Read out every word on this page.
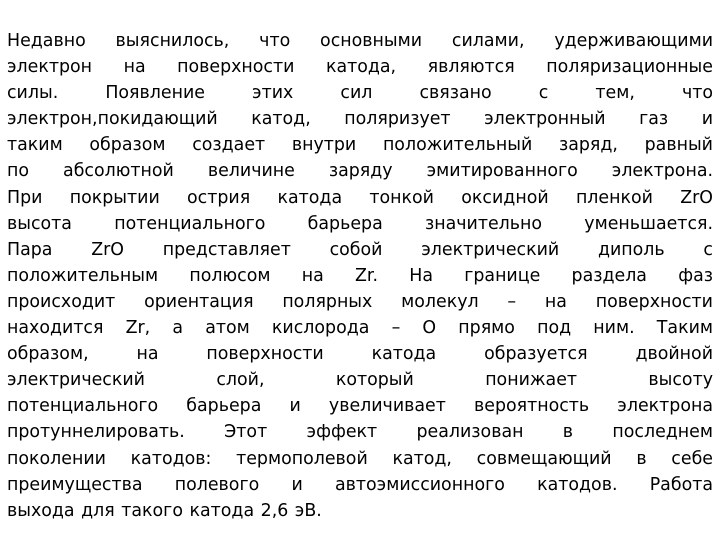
Недавно выяснилось, что основными силами, удерживающими
электрон на поверхности катода, являются поляризационные
силы. Появление этих сил связано с тем, что
электрон,покидающий катод, поляризует электронный газ и
таким образом создает внутри положительный заряд, равный
по абсолютной величине заряду эмитированного электрона.
При покрытии острия катода тонкой оксидной пленкой ZrO
высота потенциального барьера значительно уменьшается.
Пара ZrO представляет собой электрический диполь с
положительным полюсом на Zr. На границе раздела фаз
происходит ориентация полярных молекул – на поверхности
находится Zr, а атом кислорода – О прямо под ним. Таким
образом, на поверхности катода образуется двойной
электрический слой, который понижает высоту
потенциального барьера и увеличивает вероятность электрона
протуннелировать. Этот эффект реализован в последнем
поколении катодов: термополевой катод, совмещающий в себе
преимущества полевого и автоэмиссионного катодов. Работа
выхода для такого катода 2,6 эВ.
